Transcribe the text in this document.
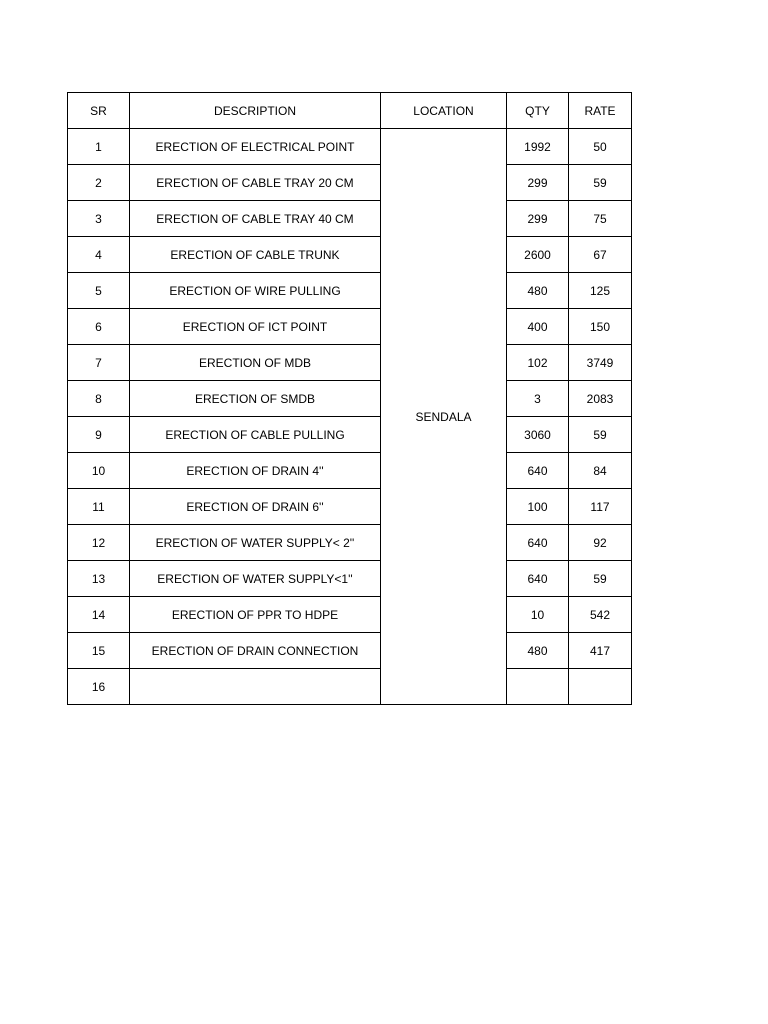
SR	DESCRIPTION	LOCATION	QTY	RATE
1	ERECTION OF ELECTRICAL POINT	SENDALA	1992	50
2	ERECTION OF CABLE TRAY 20 CM		299	59
3	ERECTION OF CABLE TRAY 40 CM		299	75
4	ERECTION OF CABLE TRUNK		2600	67
5	ERECTION OF WIRE PULLING		480	125
6	ERECTION OF ICT POINT		400	150
7	ERECTION OF MDB		102	3749
8	ERECTION OF SMDB		3	2083
9	ERECTION OF CABLE PULLING		3060	59
10	ERECTION OF DRAIN 4''		640	84
11	ERECTION OF DRAIN 6''		100	117
12	ERECTION OF WATER SUPPLY< 2''		640	92
13	ERECTION OF WATER SUPPLY<1''		640	59
14	ERECTION OF PPR TO HDPE		10	542
15	ERECTION OF DRAIN CONNECTION		480	417
16				
